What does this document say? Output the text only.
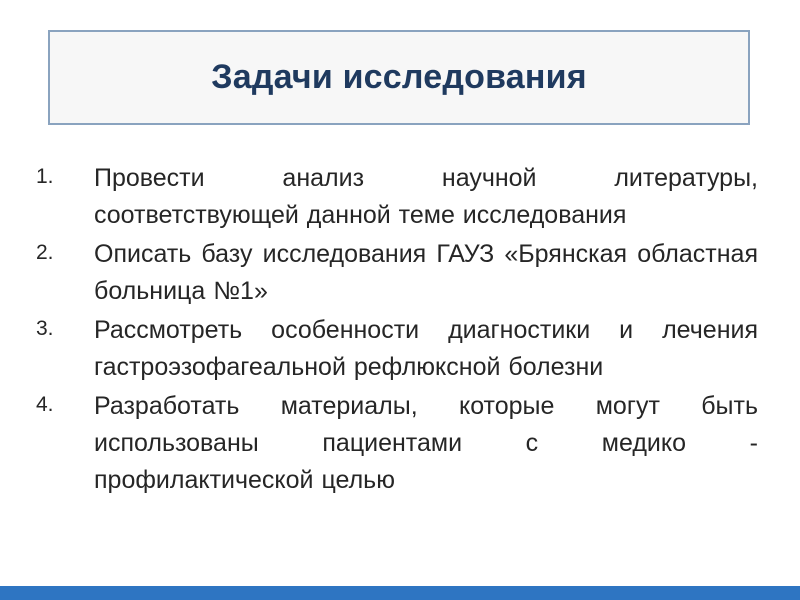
Задачи исследования
1.	Провести анализ научной литературы, соответствующей данной теме исследования
2.	Описать базу исследования ГАУЗ «Брянская областная больница №1»
3.	Рассмотреть особенности диагностики и лечения гастроэзофагеальной рефлюксной болезни
4.	Разработать материалы, которые могут быть использованы пациентами с медико - профилактической целью
